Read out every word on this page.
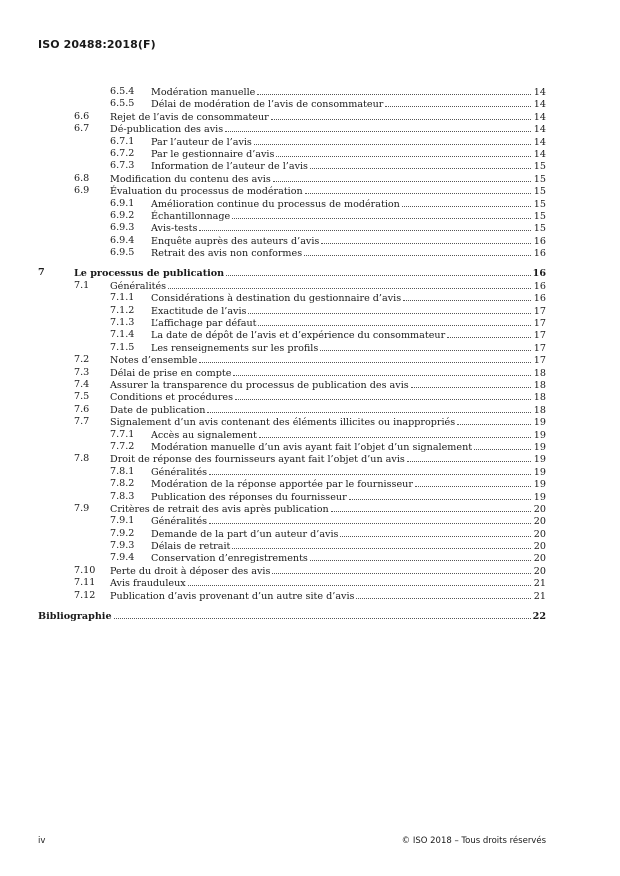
ISO 20488:2018(F)
6.5.4 Modération manuelle	14
6.5.5 Délai de modération de l’avis de consommateur	14
6.6 Rejet de l’avis de consommateur	14
6.7 Dé-publication des avis	14
6.7.1 Par l’auteur de l’avis	14
6.7.2 Par le gestionnaire d’avis	14
6.7.3 Information de l’auteur de l’avis	15
6.8 Modification du contenu des avis	15
6.9 Évaluation du processus de modération	15
6.9.1 Amélioration continue du processus de modération	15
6.9.2 Échantillonnage	15
6.9.3 Avis-tests	15
6.9.4 Enquête auprès des auteurs d’avis	16
6.9.5 Retrait des avis non conformes	16
7	Le processus de publication	16
7.1 Généralités	16
7.1.1 Considérations à destination du gestionnaire d’avis	16
7.1.2 Exactitude de l’avis	17
7.1.3 L’affichage par défaut	17
7.1.4 La date de dépôt de l’avis et d’expérience du consommateur	17
7.1.5 Les renseignements sur les profils	17
7.2 Notes d’ensemble	17
7.3 Délai de prise en compte	18
7.4 Assurer la transparence du processus de publication des avis	18
7.5 Conditions et procédures	18
7.6 Date de publication	18
7.7 Signalement d’un avis contenant des éléments illicites ou inappropriés	19
7.7.1 Accès au signalement	19
7.7.2 Modération manuelle d’un avis ayant fait l’objet d’un signalement	19
7.8 Droit de réponse des fournisseurs ayant fait l’objet d’un avis	19
7.8.1 Généralités	19
7.8.2 Modération de la réponse apportée par le fournisseur	19
7.8.3 Publication des réponses du fournisseur	19
7.9 Critères de retrait des avis après publication	20
7.9.1 Généralités	20
7.9.2 Demande de la part d’un auteur d’avis	20
7.9.3 Délais de retrait	20
7.9.4 Conservation d’enregistrements	20
7.10 Perte du droit à déposer des avis	20
7.11 Avis frauduleux	21
7.12 Publication d’avis provenant d’un autre site d’avis	21
Bibliographie	22
iv	© ISO 2018 – Tous droits réservés
